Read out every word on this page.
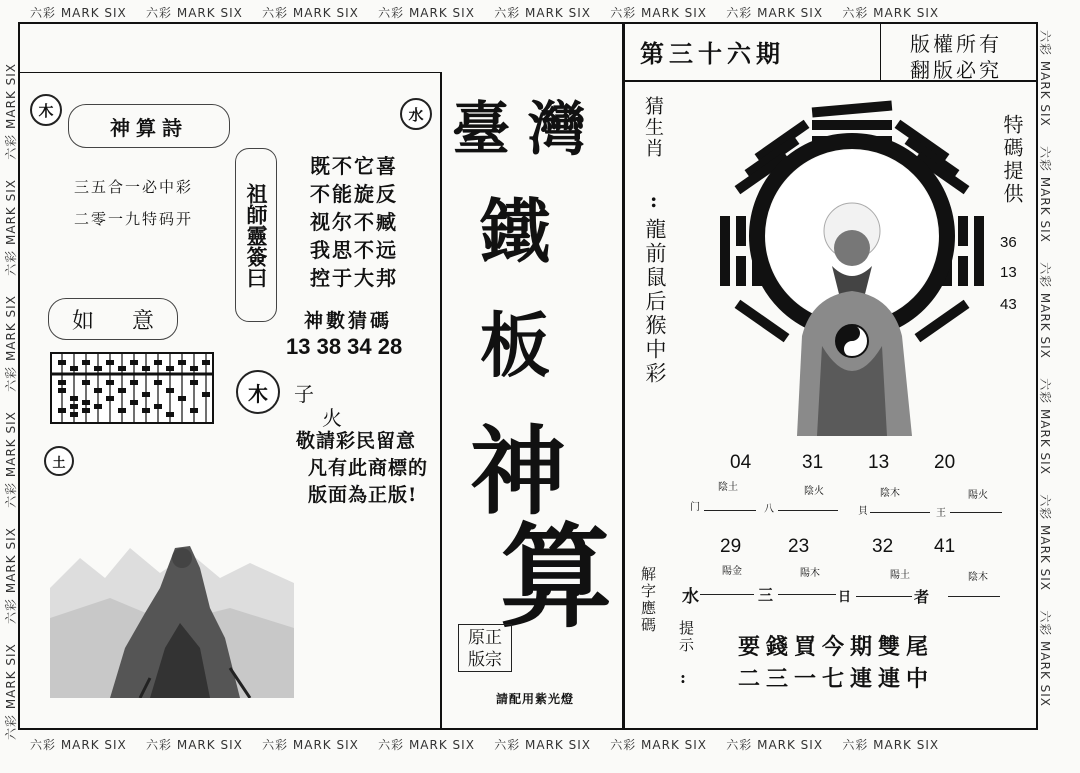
六彩 MARK SIX 六彩 MARK SIX 六彩 MARK SIX 六彩 MARK SIX 六彩 MARK SIX 六彩 MARK SIX 六彩 MARK SIX 六彩 MARK SIX
六彩 MARK SIX 六彩 MARK SIX 六彩 MARK SIX 六彩 MARK SIX 六彩 MARK SIX 六彩 MARK SIX 六彩 MARK SIX 六彩 MARK SIX
六彩 MARK SIX    六彩 MARK SIX    六彩 MARK SIX    六彩 MARK SIX    六彩 MARK SIX    六彩 MARK SIX	六彩 MARK SIX    六彩 MARK SIX    六彩 MARK SIX    六彩 MARK SIX    六彩 MARK SIX    六彩 MARK SIX
木	水
神算詩
三五合一必中彩
二零一九特码开 祖師靈簽曰
既不它喜
不能旋反
视尔不臧
我思不远
控于大邦
神數猜碼
13 38 34 28
如 意
木	子
火
敬請彩民留意
凡有此商標的
版面為正版!
土
臺灣
鐵
板
神
算
原正
版宗
請配用紫光燈
第三十六期	版權所有
翻版必究
猜生肖
:
龍前鼠后猴中彩
特碼提供
36
13
43
04	31 13 20
陰土	陰火	陰木	陽火
门	八	貝	王
29 23	32 41
陽金	陽木	陽土	陰木
水	三	日	者
解字應碼
提示
:
要錢買今期雙尾
二三一七連連中
